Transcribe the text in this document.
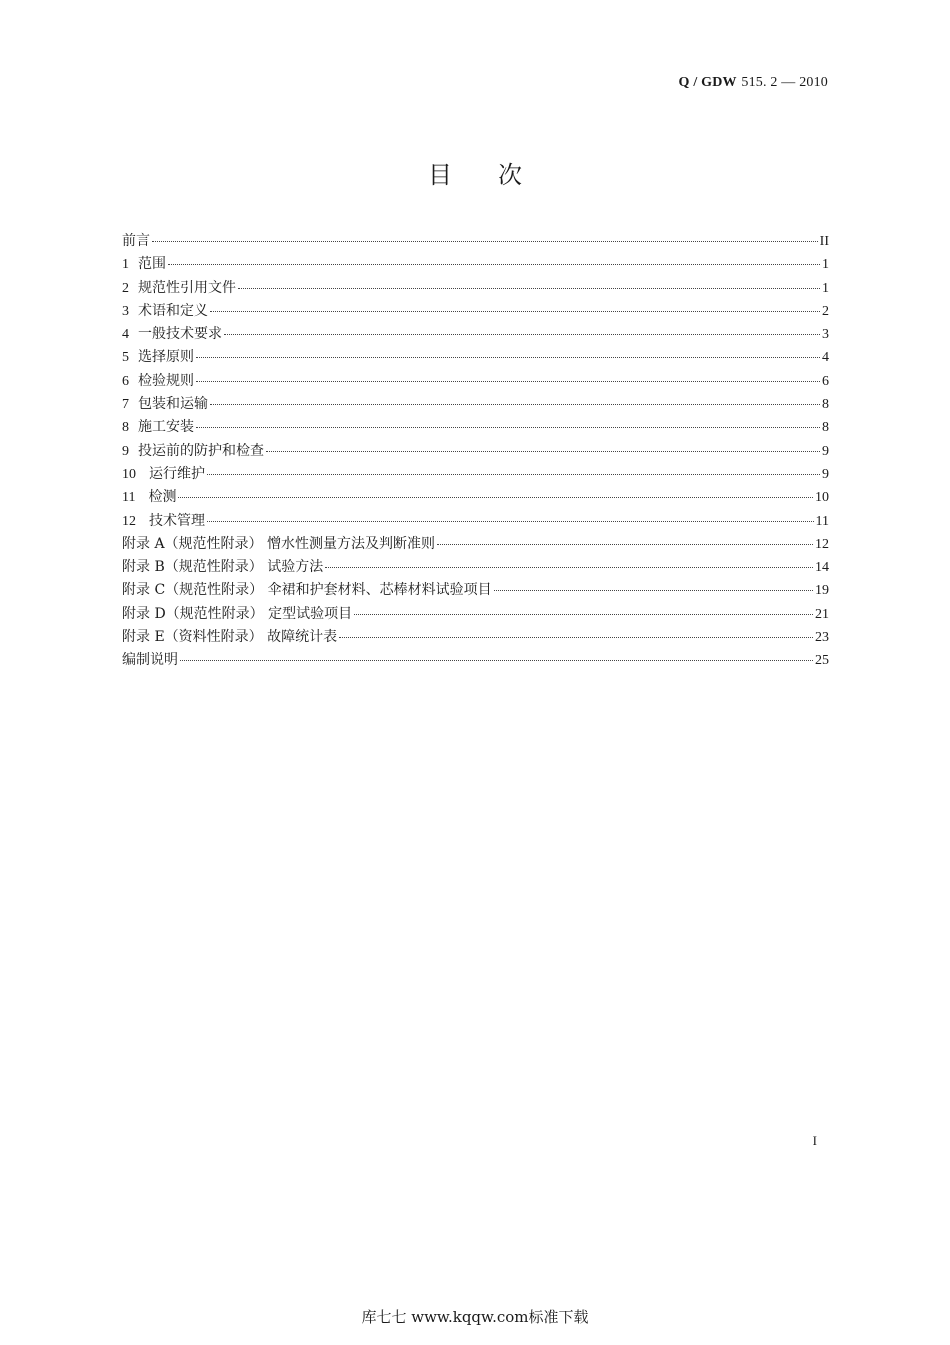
Q / GDW 515. 2 — 2010
目次
前言	II
1 范围	1
2 规范性引用文件	1
3 术语和定义	2
4 一般技术要求	3
5 选择原则	4
6 检验规则	6
7 包装和运输	8
8 施工安装	8
9 投运前的防护和检查	9
10 运行维护	9
11 检测	10
12 技术管理	11
附录 A（规范性附录） 憎水性测量方法及判断准则	12
附录 B（规范性附录） 试验方法	14
附录 C（规范性附录） 伞裙和护套材料、芯棒材料试验项目	19
附录 D（规范性附录） 定型试验项目	21
附录 E（资料性附录） 故障统计表	23
编制说明	25
I
库七七 www.kqqw.com标准下载
